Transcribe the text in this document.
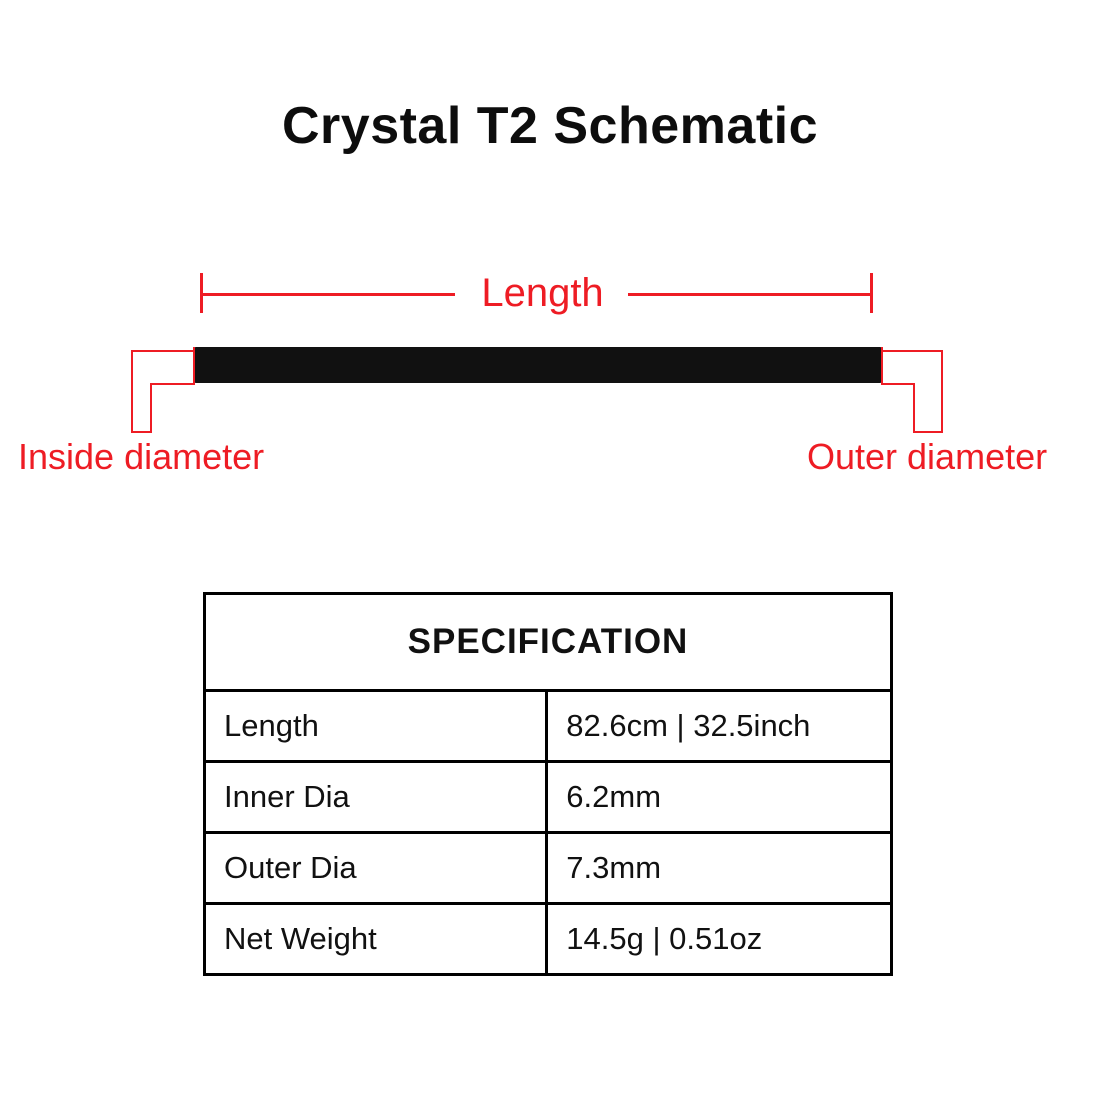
Crystal T2 Schematic
Length
Inside diameter	Outer diameter
SPECIFICATION	
Length	82.6cm | 32.5inch
Inner Dia	6.2mm
Outer Dia	7.3mm
Net Weight	14.5g | 0.51oz
